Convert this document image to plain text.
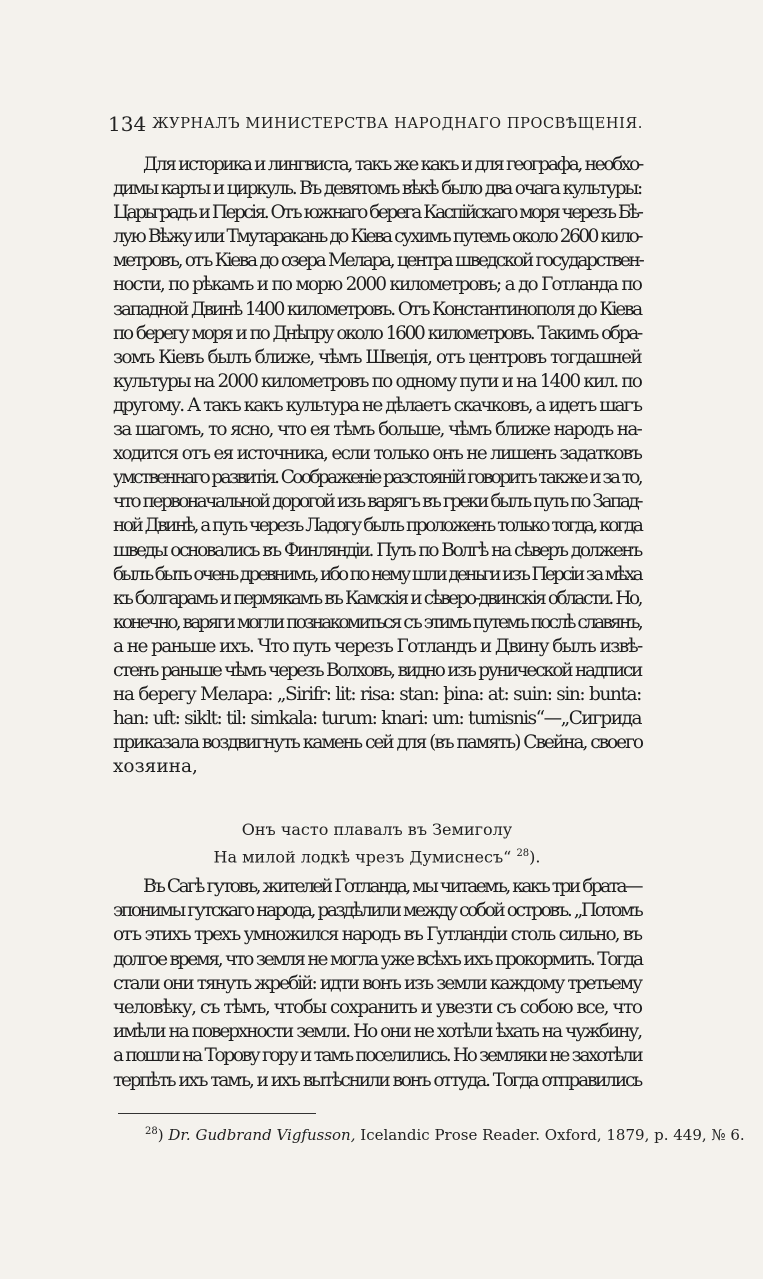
134 ЖУРНАЛЪ МИНИСТЕРСТВА НАРОДНАГО ПРОСВѢЩЕНІЯ.
Для историка и лингвиста, такъ же какъ и для географа, необхо-
димы карты и циркуль. Въ девятомъ вѣкѣ было два очага культуры:
Царьградъ и Персія. Отъ южнаго берега Каспійскаго моря черезъ Бѣ-
лую Вѣжу или Тмутаракань до Кіева сухимъ путемъ около 2600 кило-
метровъ, отъ Кіева до озера Мелара, центра шведской государствен-
ности, по рѣкамъ и по морю 2000 километровъ; а до Готланда по
западной Двинѣ 1400 километровъ. Отъ Константинополя до Кіева
по берегу моря и по Днѣпру около 1600 километровъ. Такимъ обра-
зомъ Кіевъ былъ ближе, чѣмъ Швеція, отъ центровъ тогдашней
культуры на 2000 километровъ по одному пути и на 1400 кил. по
другому. А такъ какъ культура не дѣлаетъ скачковъ, а идетъ шагъ
за шагомъ, то ясно, что ея тѣмъ больше, чѣмъ ближе народъ на-
ходится отъ ея источника, если только онъ не лишенъ задатковъ
умственнаго развитія. Соображеніе разстояній говоритъ также и за то,
что первоначальной дорогой изъ варягъ въ греки былъ путь по Запад-
ной Двинѣ, а путь черезъ Ладогу былъ проложенъ только тогда, когда
шведы основались въ Финляндіи. Путь по Волгѣ на сѣверъ долженъ
былъ быть очень древнимъ, ибо по нему шли деньги изъ Персіи за мѣха
къ болгарамъ и пермякамъ въ Камскія и сѣверо-двинскія области. Но,
конечно, варяги могли познакомиться съ этимъ путемъ послѣ славянъ,
а не раньше ихъ. Что путь черезъ Готландъ и Двину былъ извѣ-
стенъ раньше чѣмъ черезъ Волховъ, видно изъ рунической надписи
на берегу Мелара: „Sirifr: lit: risa: stan: þina: at: suin: sin: bunta:
han: uft: siklt: til: simkala: turum: knari: um: tumisnis“—„Сигрида
приказала воздвигнуть камень сей для (въ память) Свейна, своего
хозяина,
Онъ часто плавалъ въ Земиголу
На милой лодкѣ чрезъ Думиснесъ“ $^{28}$).
Въ Сагѣ гутовъ, жителей Готланда, мы читаемъ, какъ три брата—
эпонимы гутскаго народа, раздѣлили между собой островъ. „Потомъ
отъ этихъ трехъ умножился народъ въ Гутландіи столь сильно, въ
долгое время, что земля не могла уже всѣхъ ихъ прокормить. Тогда
стали они тянуть жребій: идти вонъ изъ земли каждому третьему
человѣку, съ тѣмъ, чтобы сохранить и увезти съ собою все, что
имѣли на поверхности земли. Но они не хотѣли ѣхать на чужбину,
а пошли на Торову гору и тамъ поселились. Но земляки не захотѣли
терпѣть ихъ тамъ, и ихъ вытѣснили вонъ оттуда. Тогда отправились
$^{28}$) Dr. Gudbrand Vigfusson, Icelandic Prose Reader. Oxford, 1879, p. 449, № 6.
